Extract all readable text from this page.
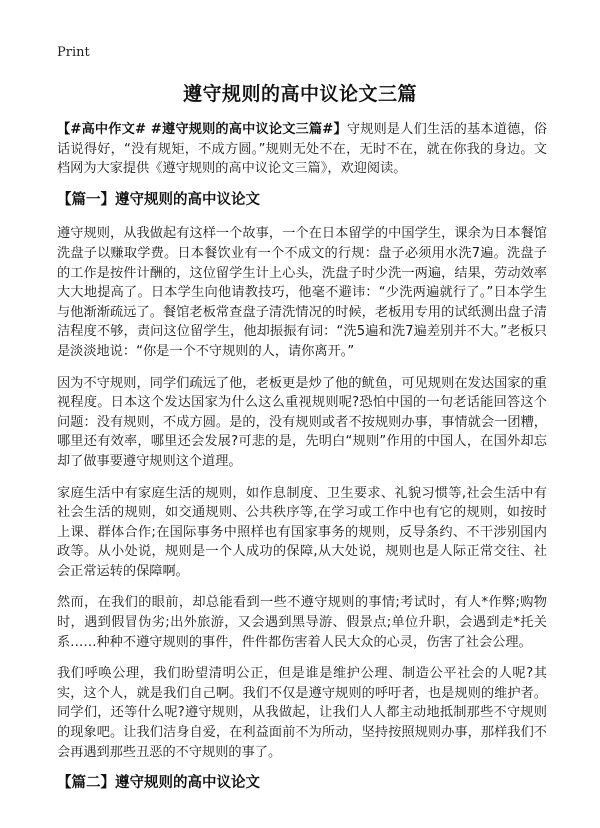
Print
遵守规则的高中议论文三篇

【#高中作文# #遵守规则的高中议论文三篇#】守规则是人们生活的基本道德，俗话说得好，“没有规矩，不成方圆。”规则无处不在，无时不在，就在你我的身边。文档网为大家提供《遵守规则的高中议论文三篇》，欢迎阅读。

【篇一】遵守规则的高中议论文

遵守规则，从我做起有这样一个故事，一个在日本留学的中国学生，课余为日本餐馆洗盘子以赚取学费。日本餐饮业有一个不成文的行规：盘子必须用水洗7遍。洗盘子的工作是按件计酬的，这位留学生计上心头，洗盘子时少洗一两遍，结果，劳动效率大大地提高了。日本学生向他请教技巧，他毫不避讳：“少洗两遍就行了。”日本学生与他渐渐疏远了。餐馆老板常查盘子清洗情况的时候，老板用专用的试纸测出盘子清洁程度不够，责问这位留学生，他却振振有词：“洗5遍和洗7遍差别并不大。”老板只是淡淡地说：“你是一个不守规则的人，请你离开。”

因为不守规则，同学们疏远了他，老板更是炒了他的鱿鱼，可见规则在发达国家的重视程度。日本这个发达国家为什么这么重视规则呢?恐怕中国的一句老话能回答这个问题：没有规则，不成方圆。是的，没有规则或者不按规则办事，事情就会一团糟，哪里还有效率，哪里还会发展?可悲的是，先明白“规则”作用的中国人，在国外却忘却了做事要遵守规则这个道理。

家庭生活中有家庭生活的规则，如作息制度、卫生要求、礼貌习惯等,社会生活中有社会生活的规则，如交通规则、公共秩序等,在学习或工作中也有它的规则，如按时上课、群体合作;在国际事务中照样也有国家事务的规则，反导条约、不干涉别国内政等。从小处说，规则是一个人成功的保障,从大处说，规则也是人际正常交往、社会正常运转的保障啊。

然而，在我们的眼前，却总能看到一些不遵守规则的事情;考试时，有人*作弊;购物时，遇到假冒伪劣;出外旅游，又会遇到黑导游、假景点;单位升职，会遇到走*托关系……种种不遵守规则的事件，件件都伤害着人民大众的心灵，伤害了社会公理。

我们呼唤公理，我们盼望清明公正，但是谁是维护公理、制造公平社会的人呢?其实，这个人，就是我们自己啊。我们不仅是遵守规则的呼吁者，也是规则的维护者。同学们，还等什么呢?遵守规则，从我做起，让我们人人都主动地抵制那些不守规则的现象吧。让我们洁身自爱，在利益面前不为所动，坚持按照规则办事，那样我们不会再遇到那些丑恶的不守规则的事了。

【篇二】遵守规则的高中议论文
